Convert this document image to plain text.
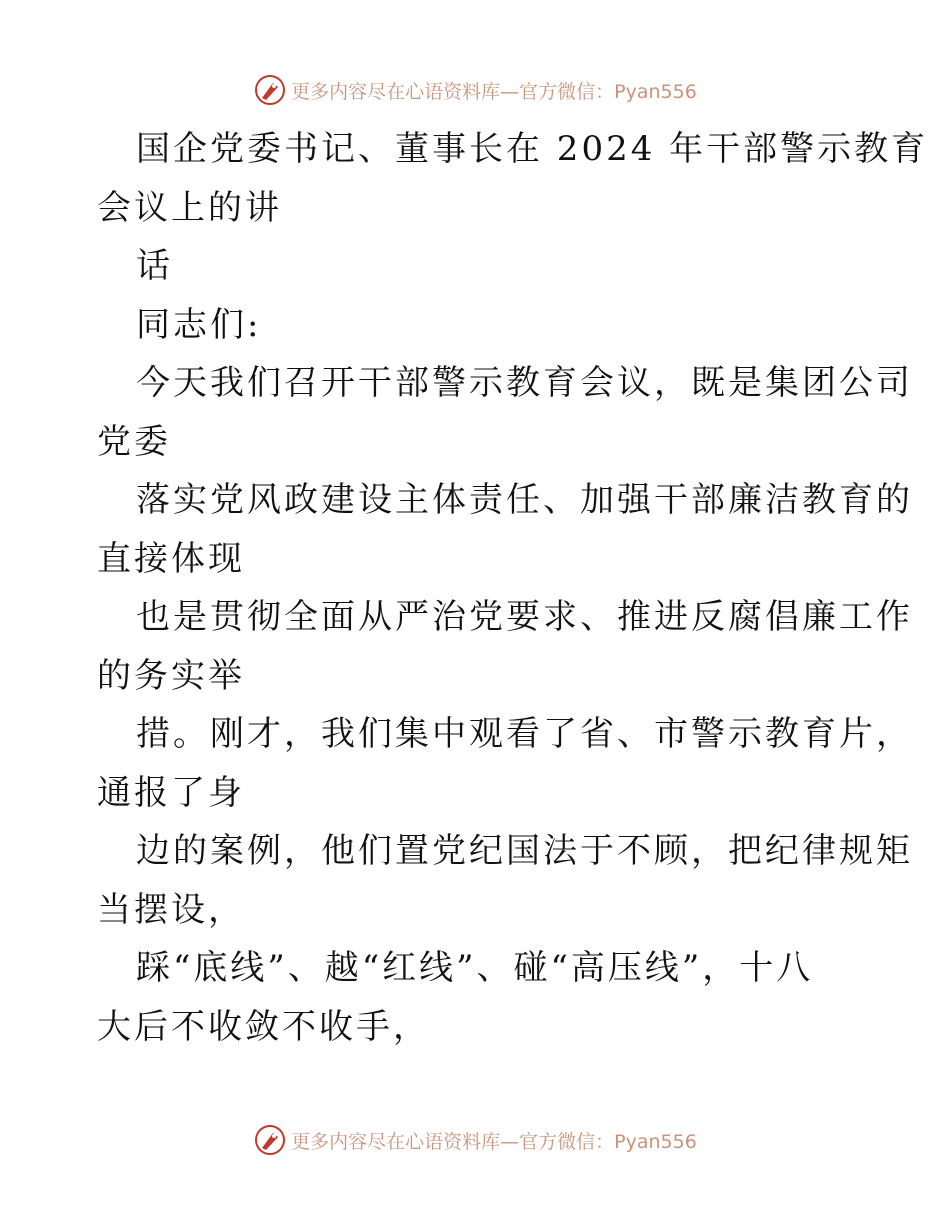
更多内容尽在心语资料库—官方微信：Pyan556
国企党委书记、董事长在 2024 年干部警示教育
会议上的讲
话
同志们:
今天我们召开干部警示教育会议，既是集团公司
党委
落实党风政建设主体责任、加强干部廉洁教育的
直接体现
也是贯彻全面从严治党要求、推进反腐倡廉工作
的务实举
措。刚才，我们集中观看了省、市警示教育片，
通报了身
边的案例，他们置党纪国法于不顾，把纪律规矩
当摆设，
踩“底线”、越“红线”、碰“高压线”，十八
大后不收敛不收手，
更多内容尽在心语资料库—官方微信：Pyan556
